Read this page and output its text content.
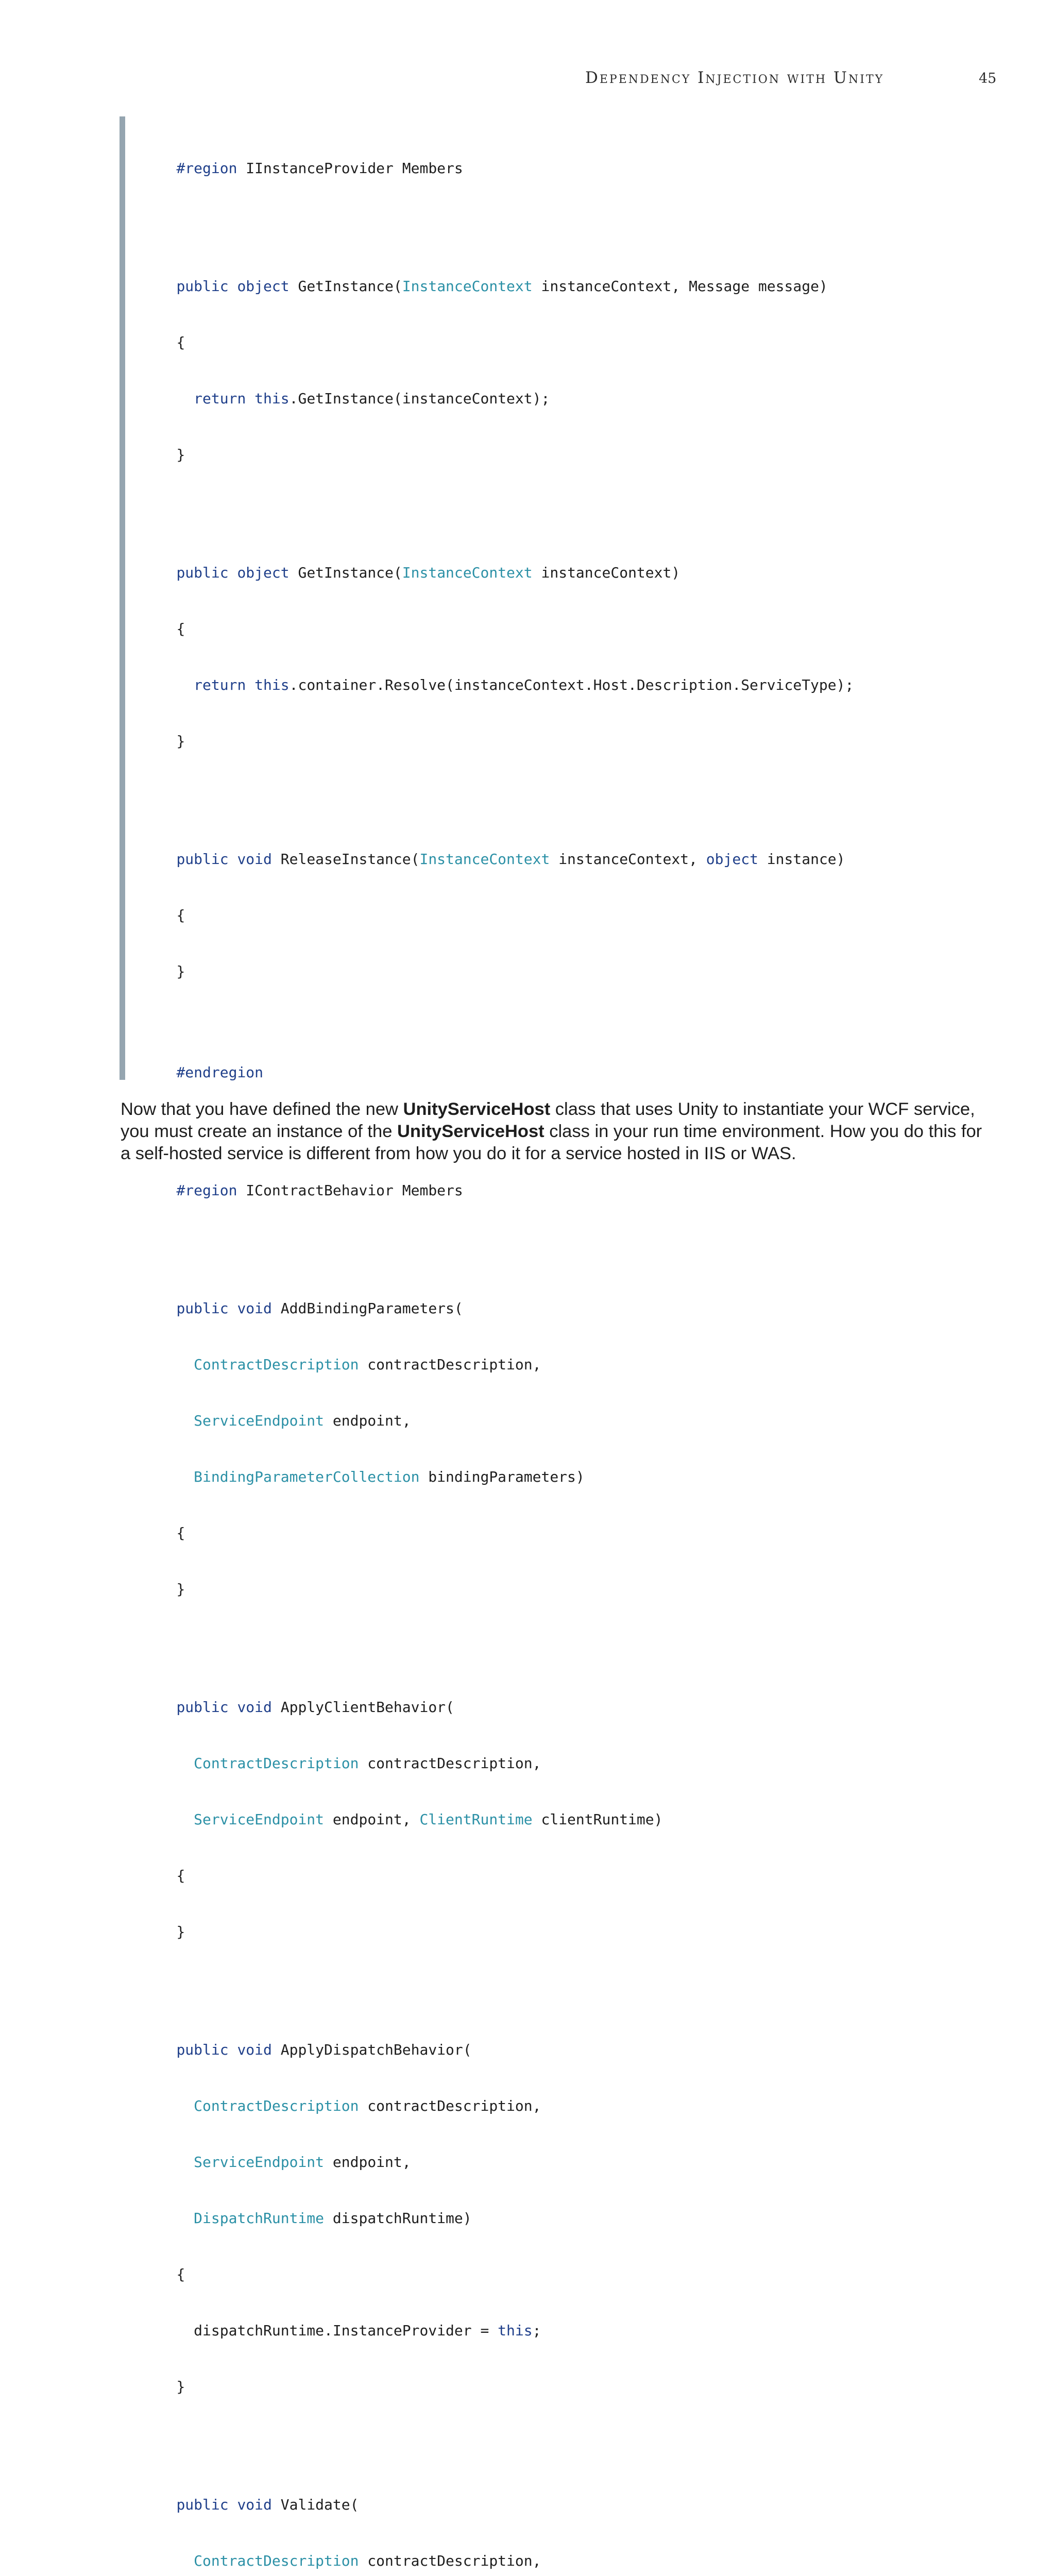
Dependency Injection with Unity	45

#region IInstanceProvider Members

public object GetInstance(InstanceContext instanceContext, Message message)

{

return this.GetInstance(instanceContext);

}

public object GetInstance(InstanceContext instanceContext)

{

return this.container.Resolve(instanceContext.Host.Description.ServiceType);

}

public void ReleaseInstance(InstanceContext instanceContext, object instance)

{

}

#endregion

#region IContractBehavior Members

public void AddBindingParameters(

ContractDescription contractDescription,

ServiceEndpoint endpoint,

BindingParameterCollection bindingParameters)

{

}

public void ApplyClientBehavior(

ContractDescription contractDescription,

ServiceEndpoint endpoint, ClientRuntime clientRuntime)

{

}

public void ApplyDispatchBehavior(

ContractDescription contractDescription,

ServiceEndpoint endpoint,

DispatchRuntime dispatchRuntime)

{

dispatchRuntime.InstanceProvider = this;

}

public void Validate(

ContractDescription contractDescription,

Now that you have defined the new UnityServiceHost class that uses Unity to instantiate your WCF service,
you must create an instance of the UnityServiceHost class in your run time environment. How you do this for
a self-hosted service is different from how you do it for a service hosted in IIS or WAS.
